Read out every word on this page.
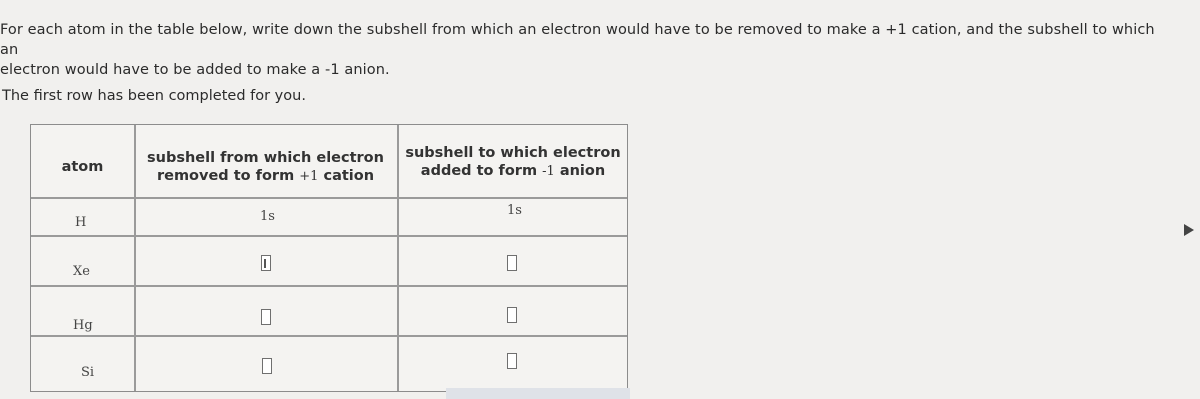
For each atom in the table below, write down the subshell from which an electron would have to be removed to make a +1 cation, and the subshell to which an

electron would have to be added to make a -1 anion.

The first row has been completed for you.
atom
subshell from which electron
removed to form +1 cation
subshell to which electron
added to form -1 anion
H	1s	1s
Xe
Hg
Si
